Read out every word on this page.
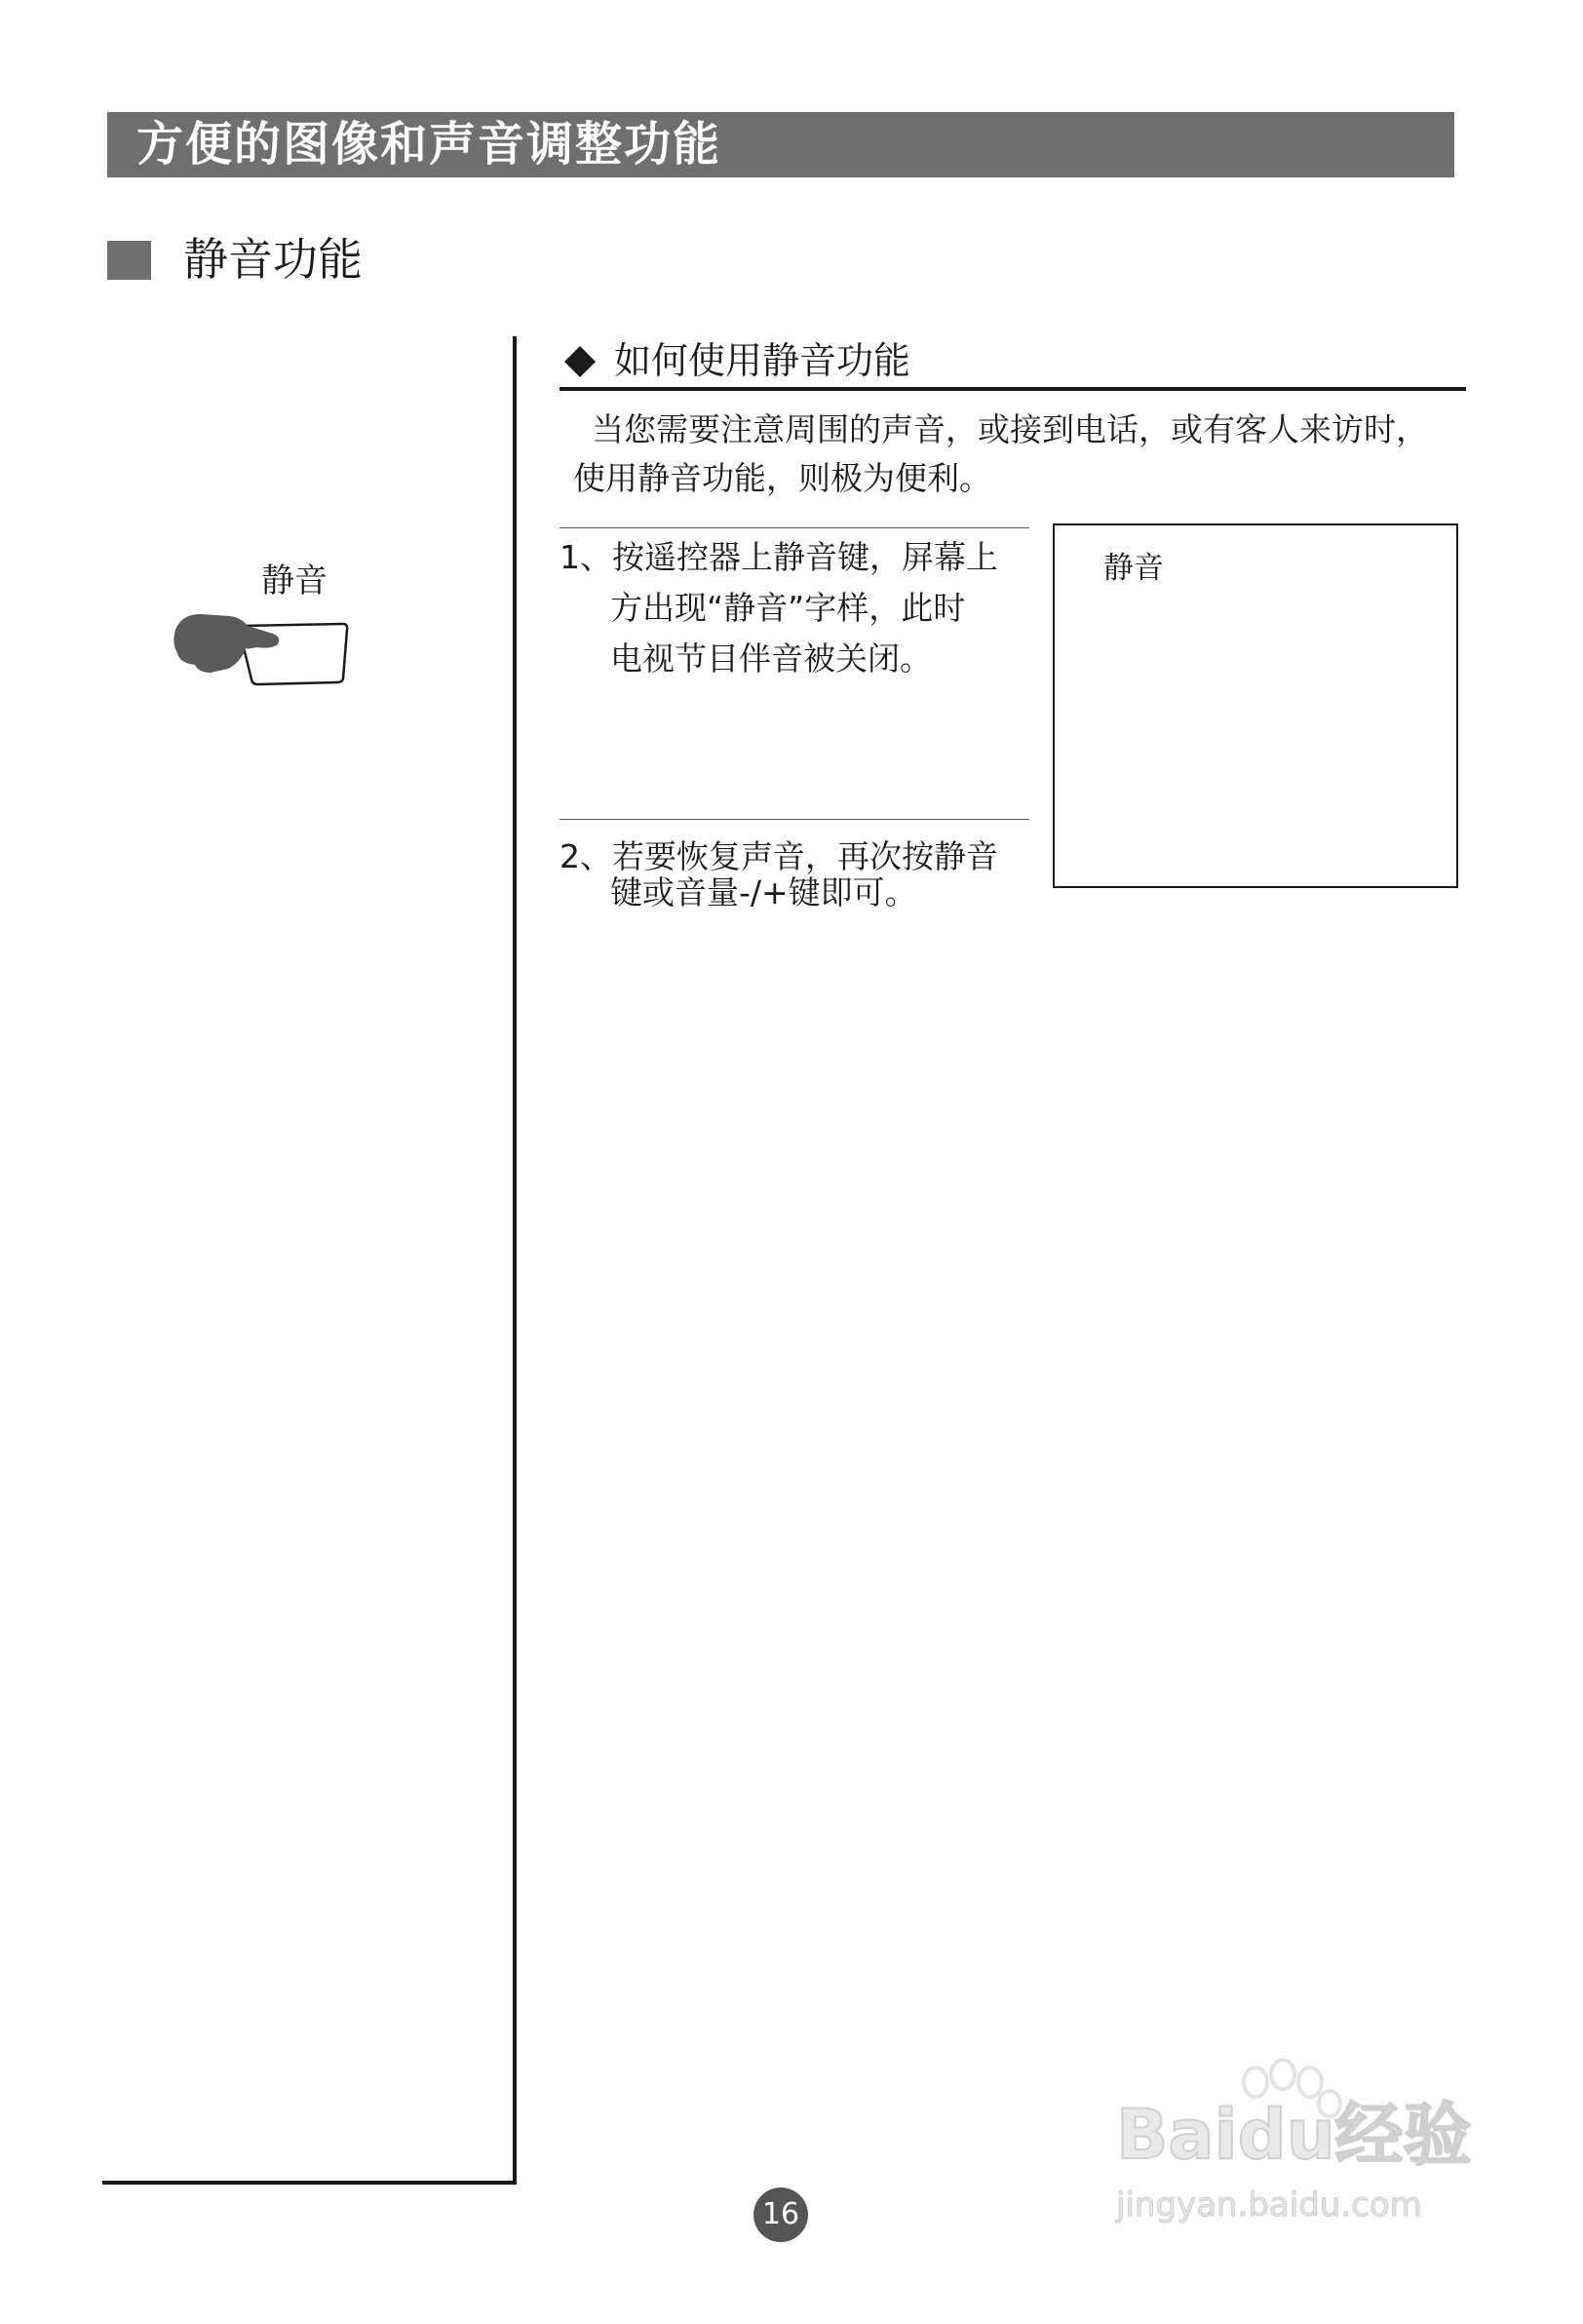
方便的图像和声音调整功能
静音功能
静音
如何使用静音功能
当您需要注意周围的声音，或接到电话，或有客人来访时，
使用静音功能，则极为便利。
1、按遥控器上静音键，屏幕上
方出现“静音”字样，此时
电视节目伴音被关闭。
2、若要恢复声音，再次按静音
键或音量-/+键即可。
静音
16
Baidu经验
jingyan.baidu.com
